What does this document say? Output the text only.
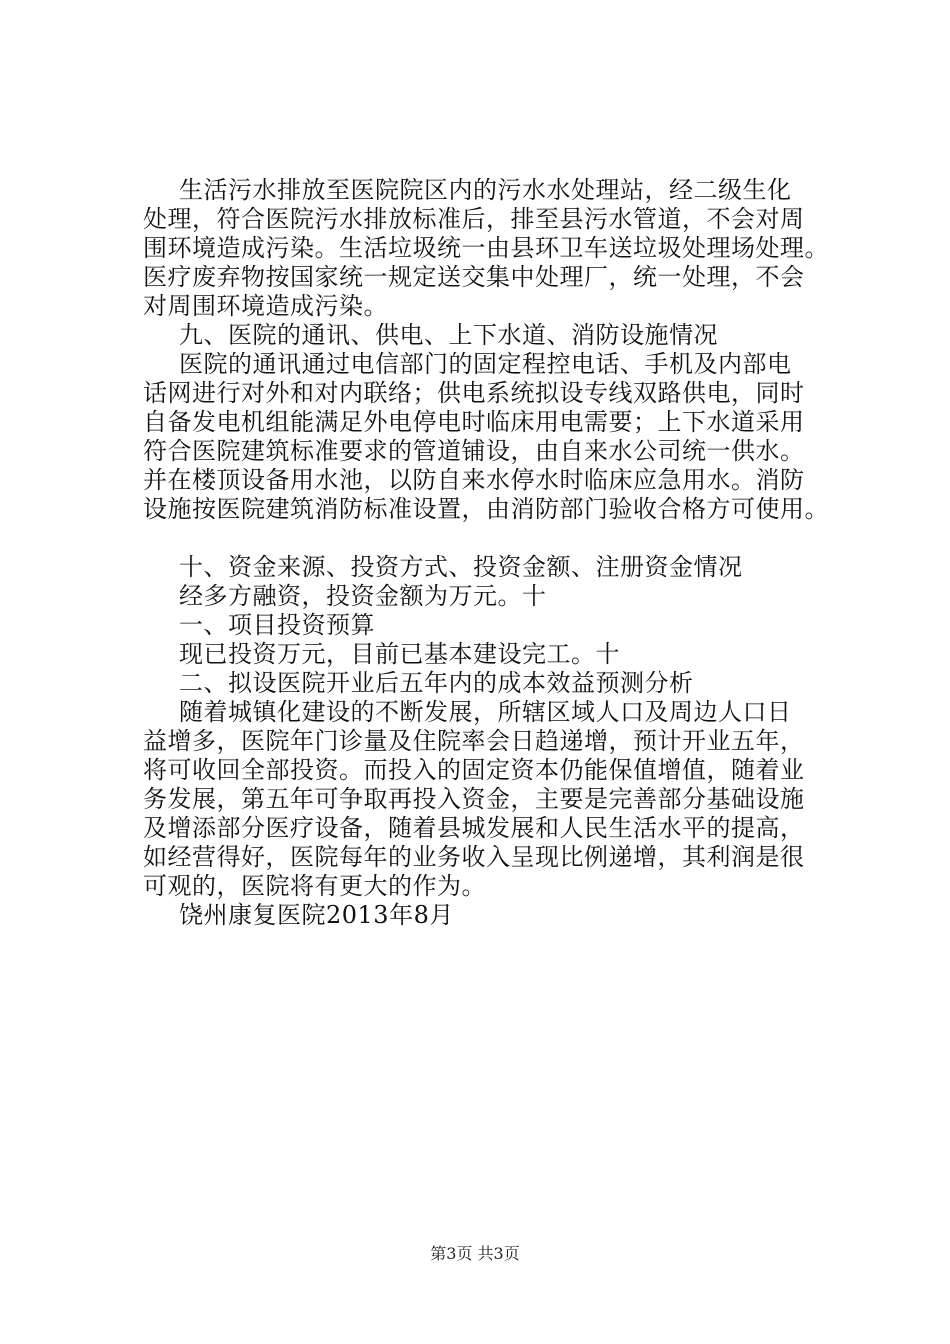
生活污水排放至医院院区内的污水水处理站，经二级生化
处理，符合医院污水排放标准后，排至县污水管道，不会对周
围环境造成污染。生活垃圾统一由县环卫车送垃圾处理场处理。
医疗废弃物按国家统一规定送交集中处理厂，统一处理，不会
对周围环境造成污染。
九、医院的通讯、供电、上下水道、消防设施情况
医院的通讯通过电信部门的固定程控电话、手机及内部电
话网进行对外和对内联络；供电系统拟设专线双路供电，同时
自备发电机组能满足外电停电时临床用电需要；上下水道采用
符合医院建筑标准要求的管道铺设，由自来水公司统一供水。
并在楼顶设备用水池，以防自来水停水时临床应急用水。消防
设施按医院建筑消防标准设置，由消防部门验收合格方可使用。
十、资金来源、投资方式、投资金额、注册资金情况
经多方融资，投资金额为万元。十
一、项目投资预算
现已投资万元，目前已基本建设完工。十
二、拟设医院开业后五年内的成本效益预测分析
随着城镇化建设的不断发展，所辖区域人口及周边人口日
益增多，医院年门诊量及住院率会日趋递增，预计开业五年，
将可收回全部投资。而投入的固定资本仍能保值增值，随着业
务发展，第五年可争取再投入资金，主要是完善部分基础设施
及增添部分医疗设备，随着县城发展和人民生活水平的提高，
如经营得好，医院每年的业务收入呈现比例递增，其利润是很
可观的，医院将有更大的作为。
饶州康复医院2013年8月
第3页 共3页
